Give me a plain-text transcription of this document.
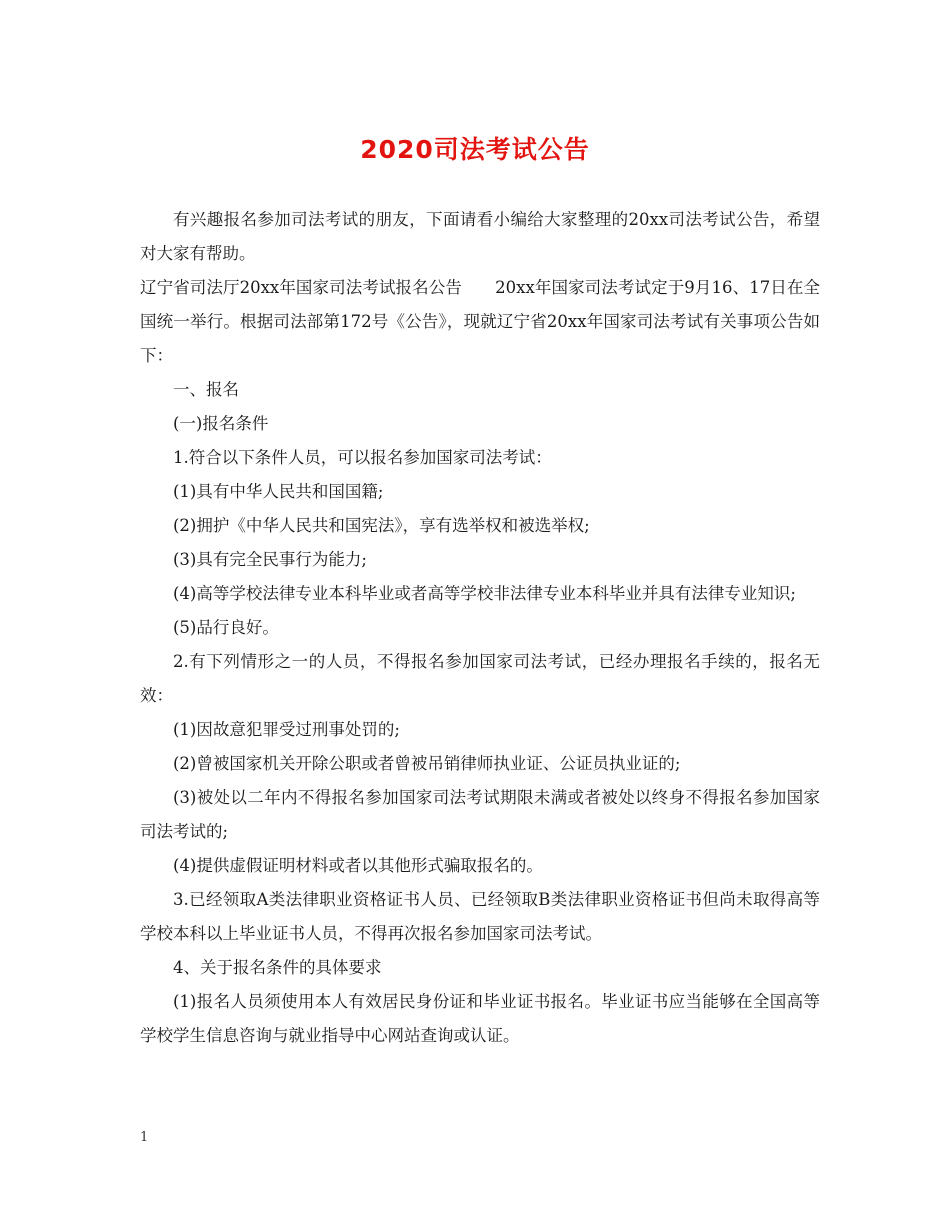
2020司法考试公告

有兴趣报名参加司法考试的朋友，下面请看小编给大家整理的20xx司法考试公告，希望对大家有帮助。

辽宁省司法厅20xx年国家司法考试报名公告　　20xx年国家司法考试定于9月16、17日在全国统一举行。根据司法部第172号《公告》，现就辽宁省20xx年国家司法考试有关事项公告如下：

一、报名

(一)报名条件

1.符合以下条件人员，可以报名参加国家司法考试：

(1)具有中华人民共和国国籍;

(2)拥护《中华人民共和国宪法》，享有选举权和被选举权;

(3)具有完全民事行为能力;

(4)高等学校法律专业本科毕业或者高等学校非法律专业本科毕业并具有法律专业知识;

(5)品行良好。

2.有下列情形之一的人员，不得报名参加国家司法考试，已经办理报名手续的，报名无效：

(1)因故意犯罪受过刑事处罚的;

(2)曾被国家机关开除公职或者曾被吊销律师执业证、公证员执业证的;

(3)被处以二年内不得报名参加国家司法考试期限未满或者被处以终身不得报名参加国家司法考试的;

(4)提供虚假证明材料或者以其他形式骗取报名的。

3.已经领取A类法律职业资格证书人员、已经领取B类法律职业资格证书但尚未取得高等学校本科以上毕业证书人员，不得再次报名参加国家司法考试。

4、关于报名条件的具体要求

(1)报名人员须使用本人有效居民身份证和毕业证书报名。毕业证书应当能够在全国高等学校学生信息咨询与就业指导中心网站查询或认证。

1
